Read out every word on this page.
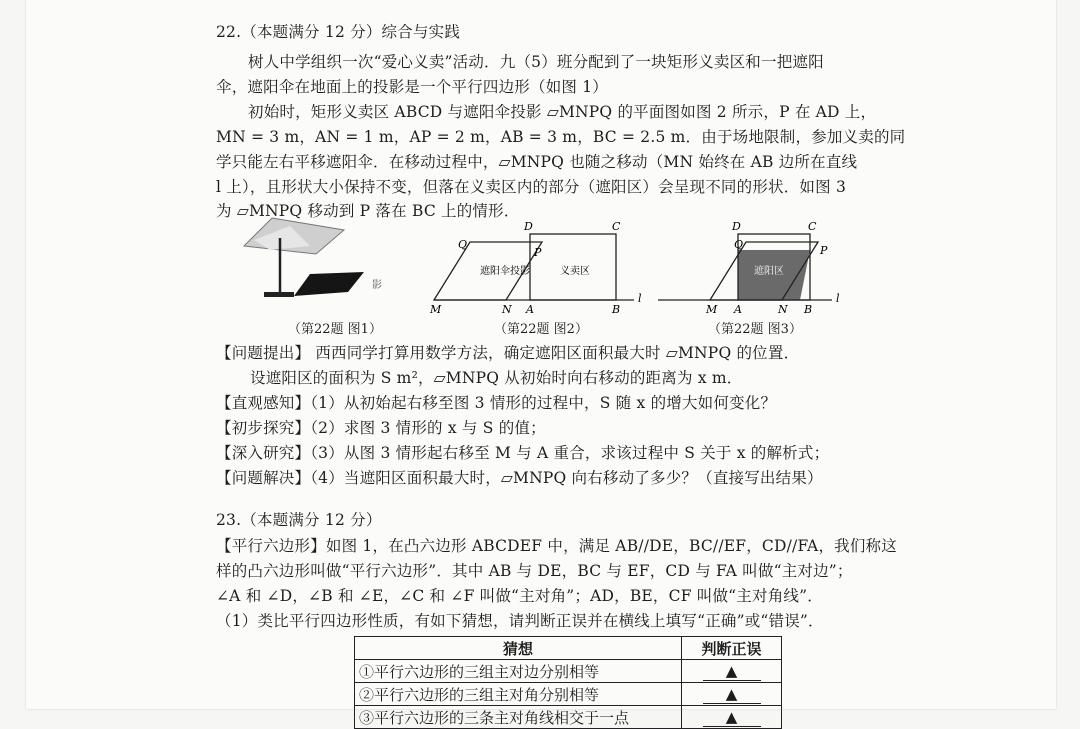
22.（本题满分 12 分）综合与实践
树人中学组织一次“爱心义卖”活动．九（5）班分配到了一块矩形义卖区和一把遮阳
伞，遮阳伞在地面上的投影是一个平行四边形（如图 1）
初始时，矩形义卖区 ABCD 与遮阳伞投影 ▱MNPQ 的平面图如图 2 所示，P 在 AD 上，
MN = 3 m，AN = 1 m，AP = 2 m，AB = 3 m，BC = 2.5 m．由于场地限制，参加义卖的同
学只能左右平移遮阳伞．在移动过程中，▱MNPQ 也随之移动（MN 始终在 AB 边所在直线
l 上），且形状大小保持不变，但落在义卖区内的部分（遮阳区）会呈现不同的形状．如图 3
为 ▱MNPQ 移动到 P 落在 BC 上的情形．
影
遮阳伞投影	义卖区
Q
P
D	C
M	N A	B
l
遮阳区
D	C
Q	P
M A	N B
l
（第22题 图1）	（第22题 图2）	（第22题 图3）
【问题提出】 西西同学打算用数学方法，确定遮阳区面积最大时 ▱MNPQ 的位置．
设遮阳区的面积为 S m²，▱MNPQ 从初始时向右移动的距离为 x m．
【直观感知】（1）从初始起右移至图 3 情形的过程中，S 随 x 的增大如何变化？
【初步探究】（2）求图 3 情形的 x 与 S 的值；
【深入研究】（3）从图 3 情形起右移至 M 与 A 重合，求该过程中 S 关于 x 的解析式；
【问题解决】（4）当遮阳区面积最大时，▱MNPQ 向右移动了多少？（直接写出结果）
23.（本题满分 12 分）
【平行六边形】如图 1，在凸六边形 ABCDEF 中，满足 AB//DE，BC//EF，CD//FA，我们称这
样的凸六边形叫做“平行六边形”．其中 AB 与 DE，BC 与 EF，CD 与 FA 叫做“主对边”；
∠A 和 ∠D，∠B 和 ∠E，∠C 和 ∠F 叫做“主对角”；AD，BE，CF 叫做“主对角线”．
（1）类比平行四边形性质，有如下猜想，请判断正误并在横线上填写“正确”或“错误”．
猜想	判断正误
①平行六边形的三组主对边分别相等	▲
②平行六边形的三组主对角分别相等	▲
③平行六边形的三条主对角线相交于一点	▲
